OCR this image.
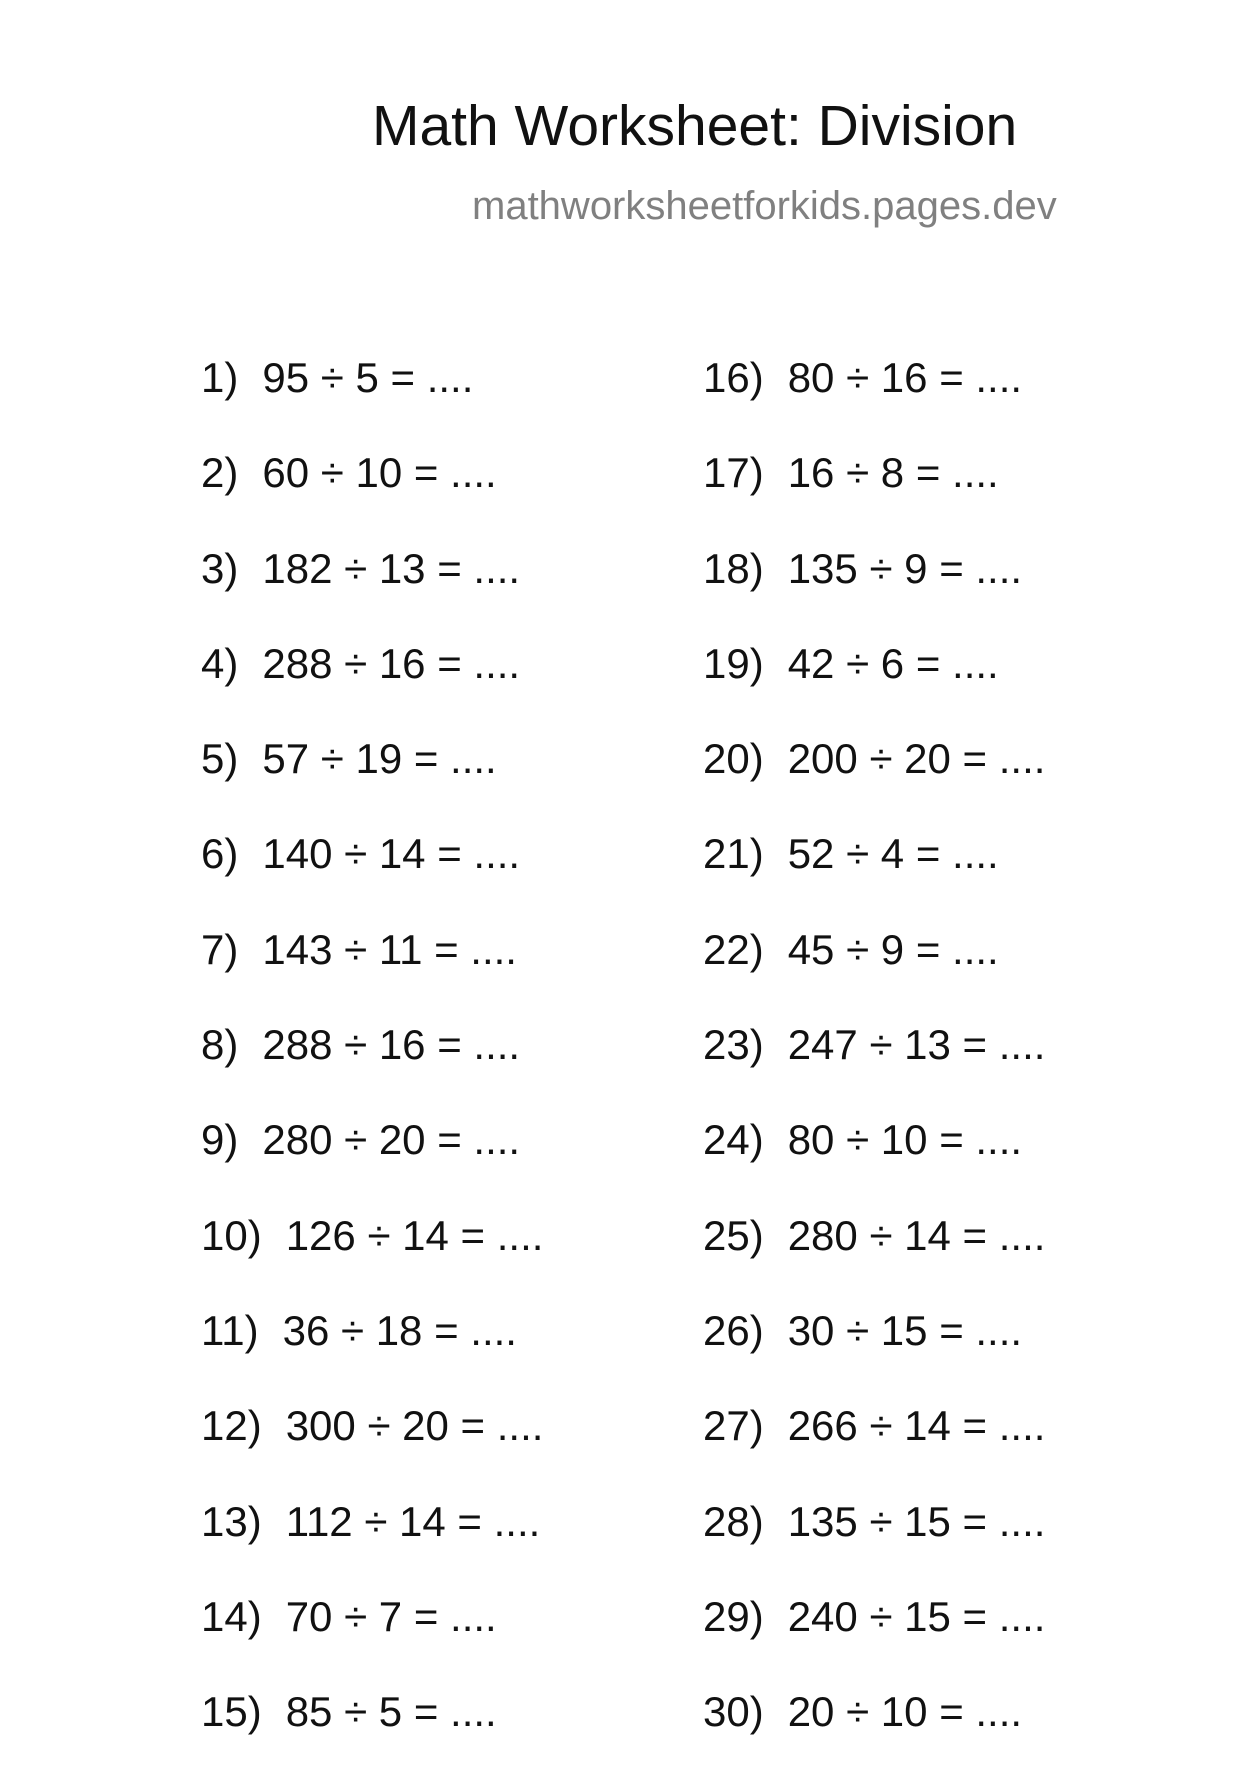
Math Worksheet: Division
mathworksheetforkids.pages.dev
1) 95 ÷ 5 = ....
2) 60 ÷ 10 = ....
3) 182 ÷ 13 = ....
4) 288 ÷ 16 = ....
5) 57 ÷ 19 = ....
6) 140 ÷ 14 = ....
7) 143 ÷ 11 = ....
8) 288 ÷ 16 = ....
9) 280 ÷ 20 = ....
10) 126 ÷ 14 = ....
11) 36 ÷ 18 = ....
12) 300 ÷ 20 = ....
13) 112 ÷ 14 = ....
14) 70 ÷ 7 = ....
15) 85 ÷ 5 = ....
16) 80 ÷ 16 = ....
17) 16 ÷ 8 = ....
18) 135 ÷ 9 = ....
19) 42 ÷ 6 = ....
20) 200 ÷ 20 = ....
21) 52 ÷ 4 = ....
22) 45 ÷ 9 = ....
23) 247 ÷ 13 = ....
24) 80 ÷ 10 = ....
25) 280 ÷ 14 = ....
26) 30 ÷ 15 = ....
27) 266 ÷ 14 = ....
28) 135 ÷ 15 = ....
29) 240 ÷ 15 = ....
30) 20 ÷ 10 = ....
